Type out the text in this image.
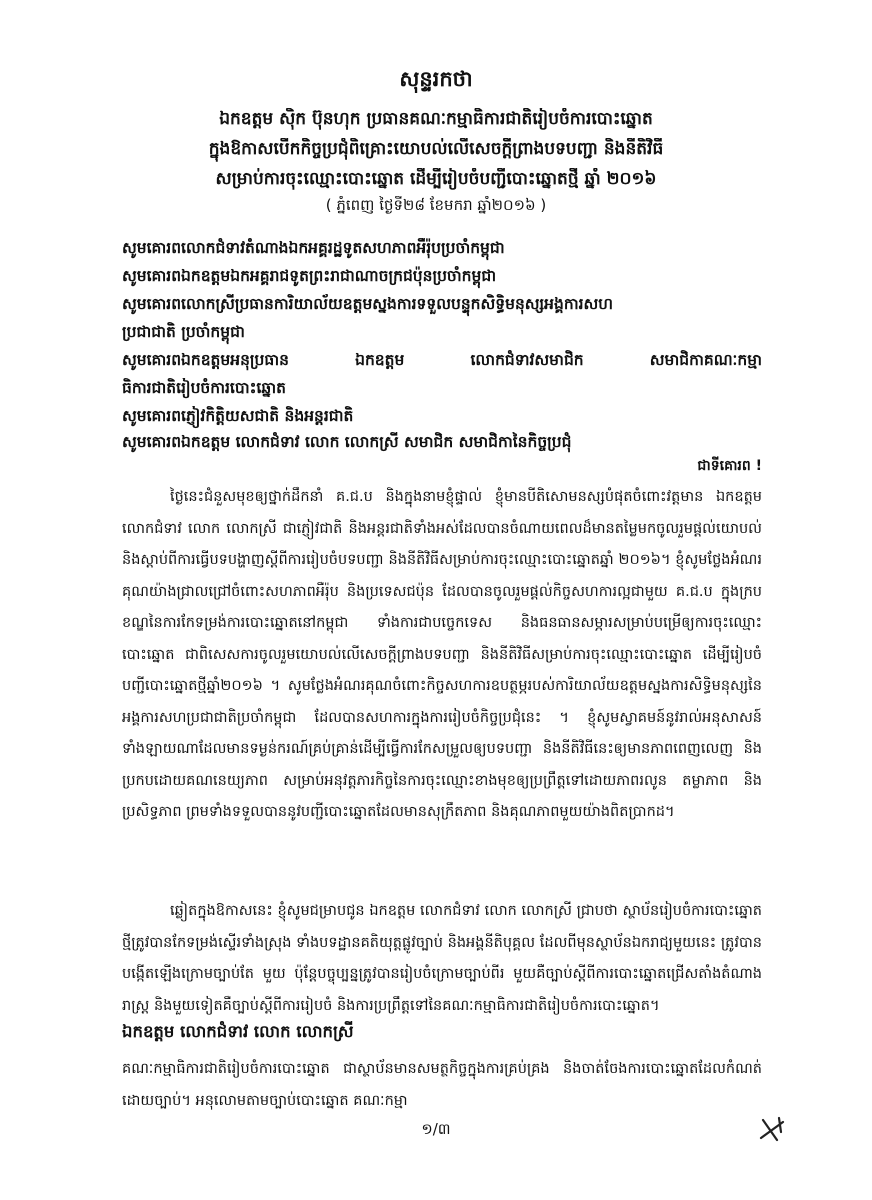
សុន្ទរកថា
ឯកឧត្តម ស៊ិក ប៊ុនហុក ប្រធានគណៈកម្មាធិការជាតិរៀបចំការបោះឆ្នោត
ក្នុងឱកាសបើកកិច្ចប្រជុំពិគ្រោះយោបល់លើសេចក្តីព្រាងបទបញ្ជា និងនីតិវិធី
សម្រាប់ការចុះឈ្មោះបោះឆ្នោត ដើម្បីរៀបចំបញ្ជីបោះឆ្នោតថ្មី ឆ្នាំ ២០១៦
( ភ្នំពេញ ថ្ងៃទី២៨ ខែមករា ឆ្នាំ២០១៦ )
សូមគោរពលោកជំទាវតំណាងឯកអគ្គរដ្ឋទូតសហភាពអឺរ៉ុបប្រចាំកម្ពុជា
សូមគោរពឯកឧត្តមឯកអគ្គរាជទូតព្រះរាជាណាចក្រជប៉ុនប្រចាំកម្ពុជា
សូមគោរពលោកស្រីប្រធានការិយាល័យឧត្តមស្នងការទទួលបន្ទុកសិទ្ធិមនុស្សអង្គការសហ
ប្រជាជាតិ ប្រចាំកម្ពុជា
សូមគោរពឯកឧត្តមអនុប្រធាន ឯកឧត្តម លោកជំទាវសមាជិក សមាជិកាគណៈកម្មា
ធិការជាតិរៀបចំការបោះឆ្នោត
សូមគោរពភ្ញៀវកិត្តិយសជាតិ និងអន្តរជាតិ
សូមគោរពឯកឧត្តម លោកជំទាវ លោក លោកស្រី សមាជិក សមាជិកានៃកិច្ចប្រជុំ
ជាទីគោរព !
ថ្ងៃនេះជំនួសមុខឲ្យថ្នាក់ដឹកនាំ គ.ជ.ប និងក្នុងនាមខ្ញុំផ្ទាល់ ខ្ញុំមានបីតិសោមនស្សបំផុតចំពោះវត្តមាន ឯកឧត្តម លោកជំទាវ លោក លោកស្រី ជាភ្ញៀវជាតិ និងអន្តរជាតិទាំងអស់ដែលបានចំណាយពេលដ៏មានតម្លៃមកចូលរួមផ្តល់យោបល់ និងស្តាប់ពីការធ្វើបទបង្ហាញស្តីពីការរៀបចំបទបញ្ជា និងនីតិវិធីសម្រាប់ការចុះឈ្មោះបោះឆ្នោតឆ្នាំ ២០១៦។ ខ្ញុំសូមថ្លែងអំណរគុណយ៉ាងជ្រាលជ្រៅចំពោះសហភាពអឺរ៉ុប និងប្រទេសជប៉ុន ដែលបានចូលរួមផ្តល់កិច្ចសហការល្អជាមួយ គ.ជ.ប ក្នុងក្របខណ្ឌនៃការកែទម្រង់ការបោះឆ្នោតនៅកម្ពុជា ទាំងការជាបច្ចេកទេស និងធនធានសម្ភារសម្រាប់បម្រើឲ្យការចុះឈ្មោះបោះឆ្នោត ជាពិសេសការចូលរួមយោបល់លើសេចក្តីព្រាងបទបញ្ជា និងនីតិវិធីសម្រាប់ការចុះឈ្មោះបោះឆ្នោត ដើម្បីរៀបចំបញ្ជីបោះឆ្នោតថ្មីឆ្នាំ២០១៦ ។ សូមថ្លែងអំណរគុណចំពោះកិច្ចសហការឧបត្ថម្ភរបស់ការិយាល័យឧត្តមស្នងការសិទ្ធិមនុស្សនៃអង្គការសហប្រជាជាតិប្រចាំកម្ពុជា ដែលបានសហការក្នុងការរៀបចំកិច្ចប្រជុំនេះ ។ ខ្ញុំសូមស្វាគមន៍នូវរាល់អនុសាសន៍ទាំងឡាយណាដែលមានទម្ងន់ករណ៍គ្រប់គ្រាន់ដើម្បីធ្វើការកែសម្រួលឲ្យបទបញ្ជា និងនីតិវិធីនេះឲ្យមានភាពពេញលេញ និងប្រកបដោយគណនេយ្យភាព សម្រាប់អនុវត្តភារកិច្ចនៃការចុះឈ្មោះខាងមុខឲ្យប្រព្រឹត្តទៅដោយភាពរលូន តម្លាភាព និងប្រសិទ្ធភាព ព្រមទាំងទទួលបាននូវបញ្ជីបោះឆ្នោតដែលមានសុក្រឹតភាព និងគុណភាពមួយយ៉ាងពិតប្រាកដ។
ឆ្លៀតក្នុងឱកាសនេះ ខ្ញុំសូមជម្រាបជូន ឯកឧត្តម លោកជំទាវ លោក លោកស្រី ជ្រាបថា ស្ថាប័នរៀបចំការបោះឆ្នោតថ្មីត្រូវបានកែទម្រង់ស្ទើរទាំងស្រុង ទាំងបទដ្ឋានគតិយុត្តផ្លូវច្បាប់ និងអង្គនីតិបុគ្គល ដែលពីមុនស្ថាប័នឯករាជ្យមួយនេះ ត្រូវបានបង្កើតឡើងក្រោមច្បាប់តែ មួយ ប៉ុន្តែបច្ចុប្បន្នត្រូវបានរៀបចំក្រោមច្បាប់ពីរ មួយគឺច្បាប់ស្តីពីការបោះឆ្នោតជ្រើសតាំងតំណាង រាស្ត្រ និងមួយទៀតគឺច្បាប់ស្តីពីការរៀបចំ និងការប្រព្រឹត្តទៅនៃគណៈកម្មាធិការជាតិរៀបចំការបោះឆ្នោត។
ឯកឧត្តម លោកជំទាវ លោក លោកស្រី
គណៈកម្មាធិការជាតិរៀបចំការបោះឆ្នោត ជាស្ថាប័នមានសមត្ថកិច្ចក្នុងការគ្រប់គ្រង និងចាត់ចែងការបោះឆ្នោតដែលកំណត់ដោយច្បាប់។ អនុលោមតាមច្បាប់បោះឆ្នោត គណៈកម្មា
១/៣
